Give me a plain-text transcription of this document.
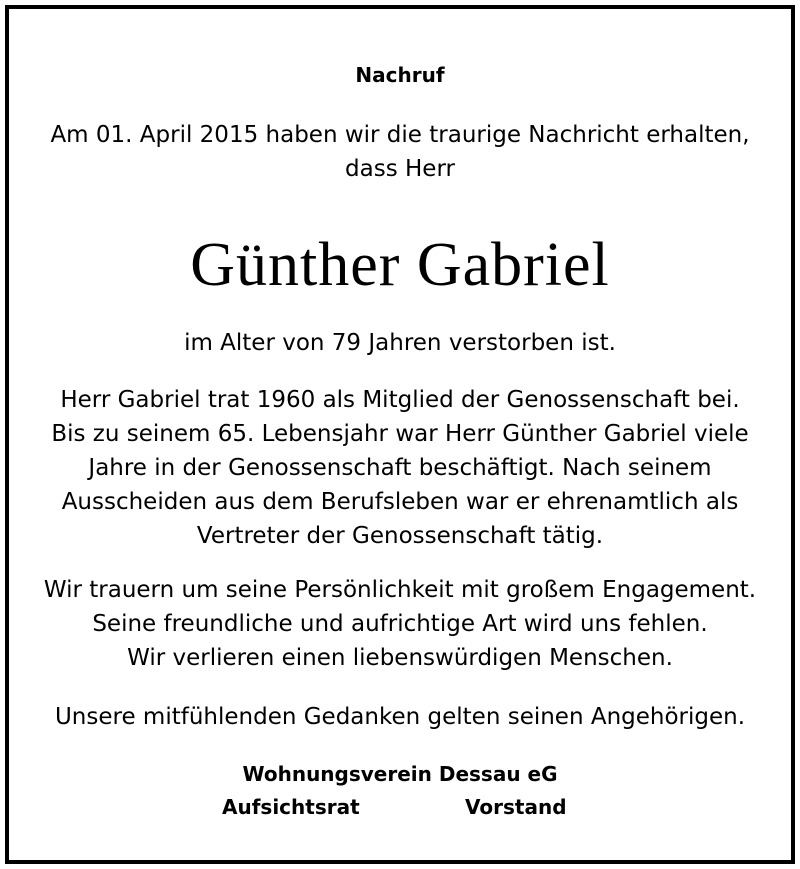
Nachruf

Am 01. April 2015 haben wir die traurige Nachricht erhalten,
dass Herr

Günther Gabriel

im Alter von 79 Jahren verstorben ist.

Herr Gabriel trat 1960 als Mitglied der Genossenschaft bei.

Bis zu seinem 65. Lebensjahr war Herr Günther Gabriel viele

Jahre in der Genossenschaft beschäftigt. Nach seinem

Ausscheiden aus dem Berufsleben war er ehrenamtlich als

Vertreter der Genossenschaft tätig.

Wir trauern um seine Persönlichkeit mit großem Engagement.

Seine freundliche und aufrichtige Art wird uns fehlen.

Wir verlieren einen liebenswürdigen Menschen.

Unsere mitfühlenden Gedanken gelten seinen Angehörigen.

Wohnungsverein Dessau eG

Aufsichtsrat	Vorstand
